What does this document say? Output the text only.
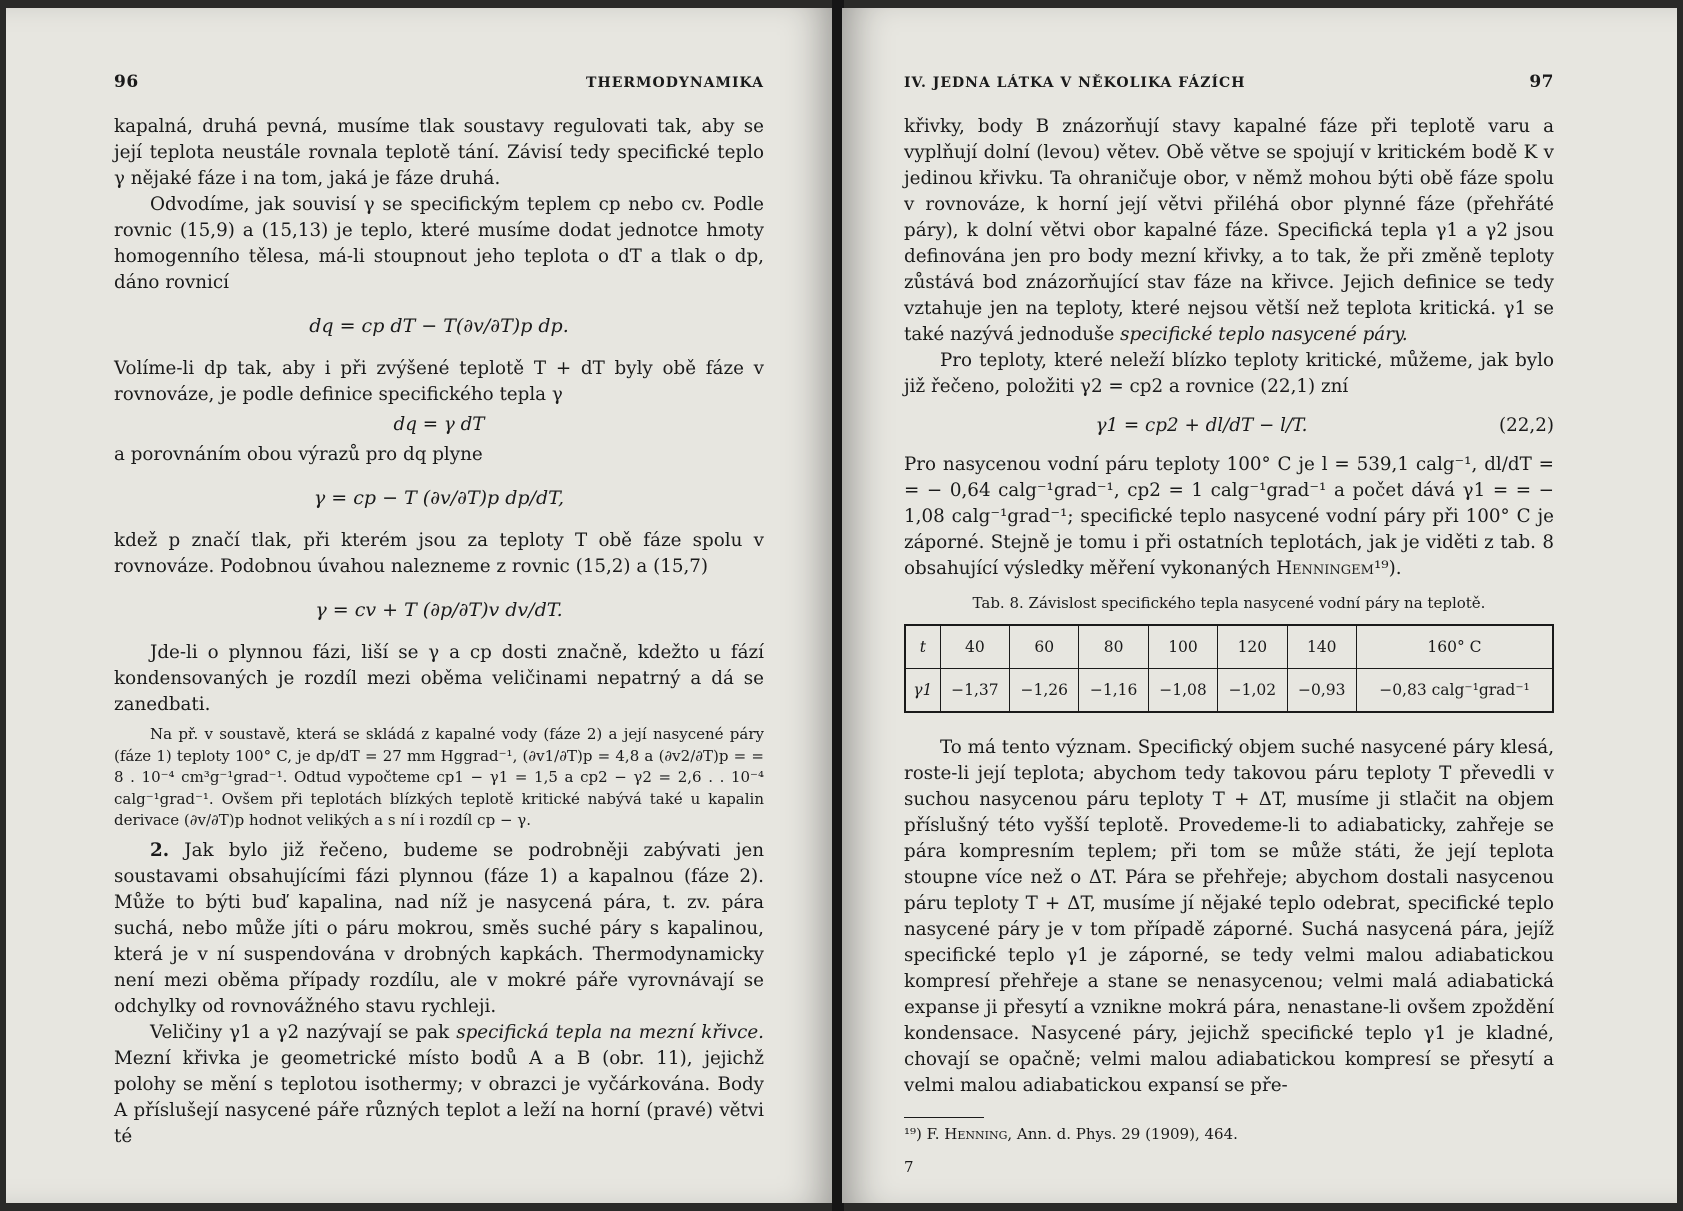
96	THERMODYNAMIKA

kapalná, druhá pevná, musíme tlak soustavy regulovati tak, aby se její teplota neustále rovnala teplotě tání. Závisí tedy specifické teplo γ nějaké fáze i na tom, jaká je fáze druhá.

Odvodíme, jak souvisí γ se specifickým teplem cp nebo cv. Podle rovnic (15,9) a (15,13) je teplo, které musíme dodat jednotce hmoty homogenního tělesa, má-li stoupnout jeho teplota o dT a tlak o dp, dáno rovnicí

dq = cp dT − T(∂v/∂T)p dp.

Volíme-li dp tak, aby i při zvýšené teplotě T + dT byly obě fáze v rovnováze, je podle definice specifického tepla γ

dq = γ dT

a porovnáním obou výrazů pro dq plyne

γ = cp − T (∂v/∂T)p dp/dT,

kdež p značí tlak, při kterém jsou za teploty T obě fáze spolu v rovnováze. Podobnou úvahou nalezneme z rovnic (15,2) a (15,7)

γ = cv + T (∂p/∂T)v dv/dT.

Jde-li o plynnou fázi, liší se γ a cp dosti značně, kdežto u fází kondensovaných je rozdíl mezi oběma veličinami nepatrný a dá se zanedbati.

Na př. v soustavě, která se skládá z kapalné vody (fáze 2) a její nasycené páry (fáze 1) teploty 100° C, je dp/dT = 27 mm Hggrad⁻¹, (∂v1/∂T)p = 4,8 a (∂v2/∂T)p = = 8 . 10⁻⁴ cm³g⁻¹grad⁻¹. Odtud vypočteme cp1 − γ1 = 1,5 a cp2 − γ2 = 2,6 . . 10⁻⁴ calg⁻¹grad⁻¹. Ovšem při teplotách blízkých teplotě kritické nabývá také u kapalin derivace (∂v/∂T)p hodnot velikých a s ní i rozdíl cp − γ.

2. Jak bylo již řečeno, budeme se podrobněji zabývati jen soustavami obsahujícími fázi plynnou (fáze 1) a kapalnou (fáze 2). Může to býti buď kapalina, nad níž je nasycená pára, t. zv. pára suchá, nebo může jíti o páru mokrou, směs suché páry s kapalinou, která je v ní suspendována v drobných kapkách. Thermodynamicky není mezi oběma případy rozdílu, ale v mokré páře vyrovnávají se odchylky od rovnovážného stavu rychleji.

Veličiny γ1 a γ2 nazývají se pak specifická tepla na mezní křivce. Mezní křivka je geometrické místo bodů A a B (obr. 11), jejichž polohy se mění s teplotou isothermy; v obrazci je vyčárkována. Body A příslušejí nasycené páře různých teplot a leží na horní (pravé) větvi té

IV. JEDNA LÁTKA V NĚKOLIKA FÁZÍCH	97

křivky, body B znázorňují stavy kapalné fáze při teplotě varu a vyplňují dolní (levou) větev. Obě větve se spojují v kritickém bodě K v jedinou křivku. Ta ohraničuje obor, v němž mohou býti obě fáze spolu v rovnováze, k horní její větvi přiléhá obor plynné fáze (přehřáté páry), k dolní větvi obor kapalné fáze. Specifická tepla γ1 a γ2 jsou definována jen pro body mezní křivky, a to tak, že při změně teploty zůstává bod znázorňující stav fáze na křivce. Jejich definice se tedy vztahuje jen na teploty, které nejsou větší než teplota kritická. γ1 se také nazývá jednoduše specifické teplo nasycené páry.

Pro teploty, které neleží blízko teploty kritické, můžeme, jak bylo již řečeno, položiti γ2 = cp2 a rovnice (22,1) zní

γ1 = cp2 + dl/dT − l/T.	(22,2)

Pro nasycenou vodní páru teploty 100° C je l = 539,1 calg⁻¹, dl/dT = = − 0,64 calg⁻¹grad⁻¹, cp2 = 1 calg⁻¹grad⁻¹ a počet dává γ1 = = − 1,08 calg⁻¹grad⁻¹; specifické teplo nasycené vodní páry při 100° C je záporné. Stejně je tomu i při ostatních teplotách, jak je viděti z tab. 8 obsahující výsledky měření vykonaných Henningem¹⁹).

Tab. 8. Závislost specifického tepla nasycené vodní páry na teplotě.
t	40	60	80	100	120	140	160° C
γ1	−1,37	−1,26	−1,16	−1,08	−1,02	−0,93	−0,83 calg⁻¹grad⁻¹

To má tento význam. Specifický objem suché nasycené páry klesá, roste-li její teplota; abychom tedy takovou páru teploty T převedli v suchou nasycenou páru teploty T + ΔT, musíme ji stlačit na objem příslušný této vyšší teplotě. Provedeme-li to adiabaticky, zahřeje se pára kompresním teplem; při tom se může státi, že její teplota stoupne více než o ΔT. Pára se přehřeje; abychom dostali nasycenou páru teploty T + ΔT, musíme jí nějaké teplo odebrat, specifické teplo nasycené páry je v tom případě záporné. Suchá nasycená pára, jejíž specifické teplo γ1 je záporné, se tedy velmi malou adiabatickou kompresí přehřeje a stane se nenasycenou; velmi malá adiabatická expanse ji přesytí a vznikne mokrá pára, nenastane-li ovšem zpoždění kondensace. Nasycené páry, jejichž specifické teplo γ1 je kladné, chovají se opačně; velmi malou adiabatickou kompresí se přesytí a velmi malou adiabatickou expansí se pře-

¹⁹) F. Henning, Ann. d. Phys. 29 (1909), 464.

7
